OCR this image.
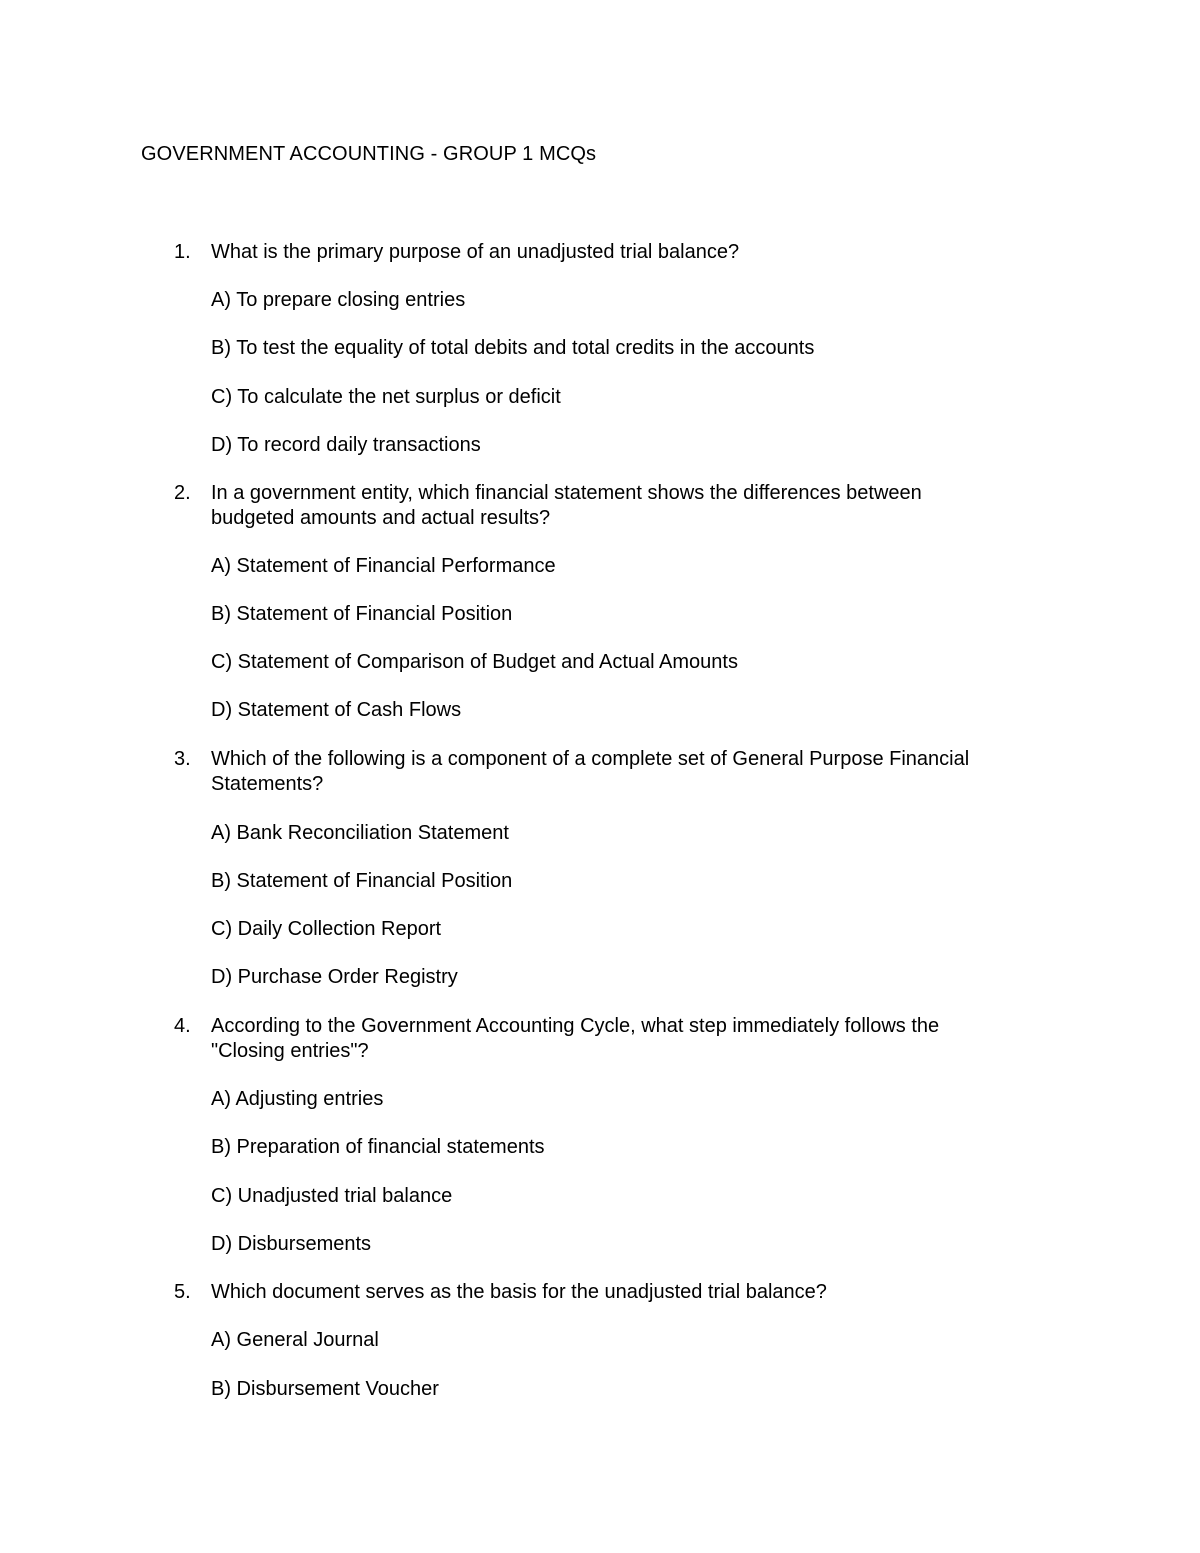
GOVERNMENT ACCOUNTING - GROUP 1 MCQs
1. What is the primary purpose of an unadjusted trial balance?
A) To prepare closing entries
B) To test the equality of total debits and total credits in the accounts
C) To calculate the net surplus or deficit
D) To record daily transactions
2. In a government entity, which financial statement shows the differences between budgeted amounts and actual results?
A) Statement of Financial Performance
B) Statement of Financial Position
C) Statement of Comparison of Budget and Actual Amounts
D) Statement of Cash Flows
3. Which of the following is a component of a complete set of General Purpose Financial Statements?
A) Bank Reconciliation Statement
B) Statement of Financial Position
C) Daily Collection Report
D) Purchase Order Registry
4. According to the Government Accounting Cycle, what step immediately follows the "Closing entries"?
A) Adjusting entries
B) Preparation of financial statements
C) Unadjusted trial balance
D) Disbursements
5. Which document serves as the basis for the unadjusted trial balance?
A) General Journal
B) Disbursement Voucher
